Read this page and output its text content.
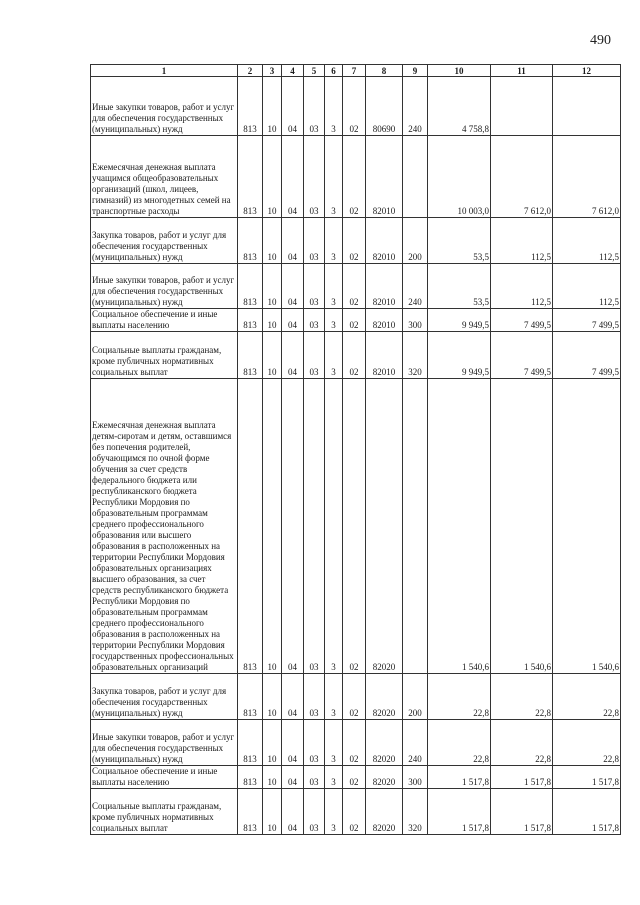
490
1	2	3	4	5	6	7	8	9	10	11	12
Иные закупки товаров, работ и услуг для обеспечения государственных (муниципальных) нужд	813	10	04	03	3	02	80690	240	4 758,8		
Ежемесячная денежная выплата учащимся общеобразовательных организаций (школ, лицеев, гимназий) из многодетных семей на транспортные расходы	813	10	04	03	3	02	82010		10 003,0	7 612,0	7 612,0
Закупка товаров, работ и услуг для обеспечения государственных (муниципальных) нужд	813	10	04	03	3	02	82010	200	53,5	112,5	112,5
Иные закупки товаров, работ и услуг для обеспечения государственных (муниципальных) нужд	813	10	04	03	3	02	82010	240	53,5	112,5	112,5
Социальное обеспечение и иные выплаты населению	813	10	04	03	3	02	82010	300	9 949,5	7 499,5	7 499,5
Социальные выплаты гражданам, кроме публичных нормативных социальных выплат	813	10	04	03	3	02	82010	320	9 949,5	7 499,5	7 499,5
Ежемесячная денежная выплата детям-сиротам и детям, оставшимся без попечения родителей, обучающимся по очной форме обучения за счет средств федерального бюджета или республиканского бюджета Республики Мордовия по образовательным программам среднего профессионального образования или высшего образования в расположенных на территории Республики Мордовия образовательных организациях высшего образования, за счет средств республиканского бюджета Республики Мордовия по образовательным программам среднего профессионального образования в расположенных на территории Республики Мордовия государственных профессиональных образовательных организаций	813	10	04	03	3	02	82020		1 540,6	1 540,6	1 540,6
Закупка товаров, работ и услуг для обеспечения государственных (муниципальных) нужд	813	10	04	03	3	02	82020	200	22,8	22,8	22,8
Иные закупки товаров, работ и услуг для обеспечения государственных (муниципальных) нужд	813	10	04	03	3	02	82020	240	22,8	22,8	22,8
Социальное обеспечение и иные выплаты населению	813	10	04	03	3	02	82020	300	1 517,8	1 517,8	1 517,8
Социальные выплаты гражданам, кроме публичных нормативных социальных выплат	813	10	04	03	3	02	82020	320	1 517,8	1 517,8	1 517,8
